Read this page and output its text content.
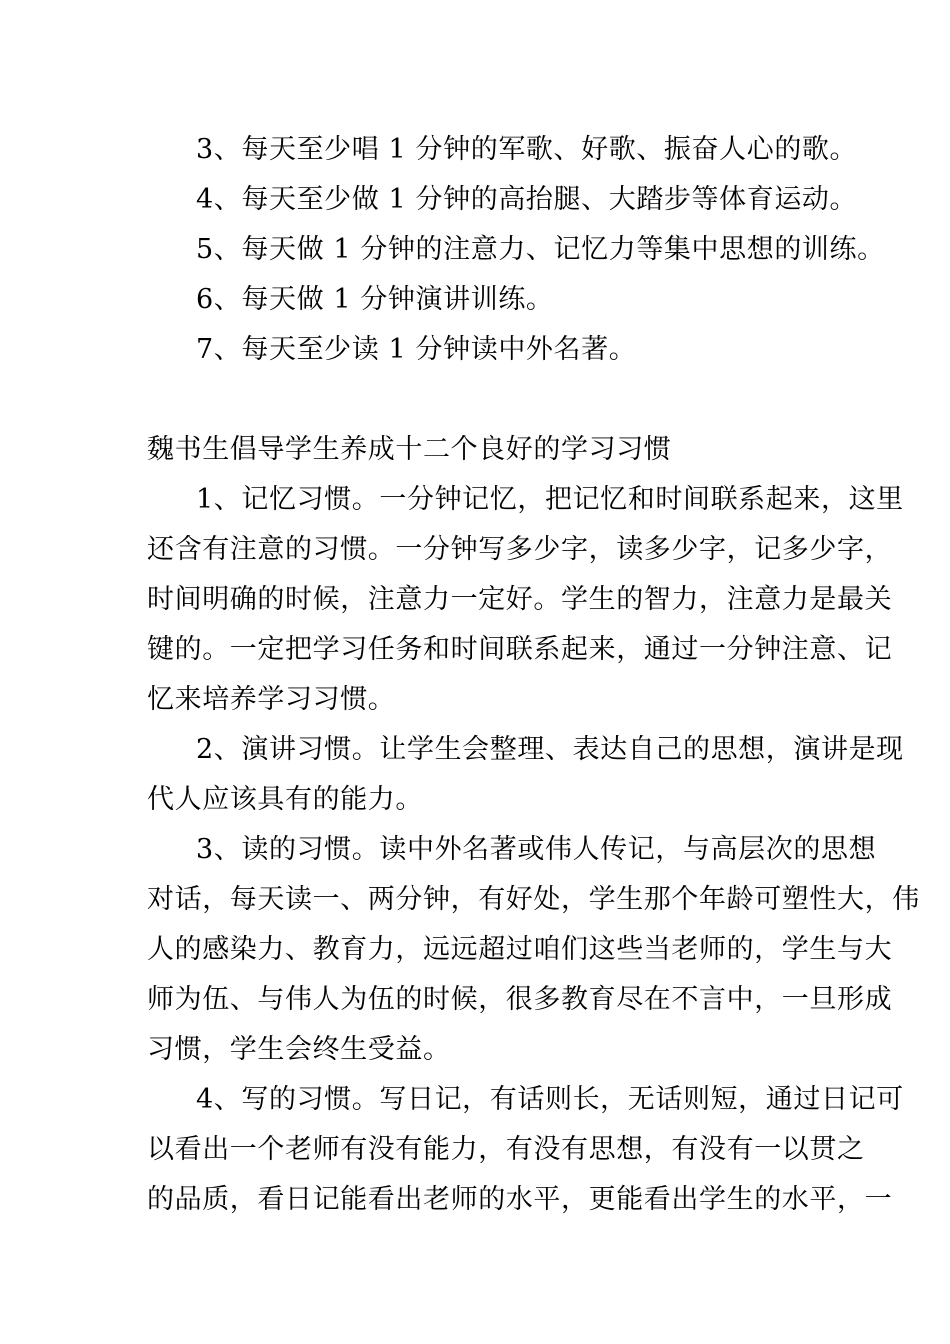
3、每天至少唱 1 分钟的军歌、好歌、振奋人心的歌。
4、每天至少做 1 分钟的高抬腿、大踏步等体育运动。
5、每天做 1 分钟的注意力、记忆力等集中思想的训练。
6、每天做 1 分钟演讲训练。
7、每天至少读 1 分钟读中外名著。
魏书生倡导学生养成十二个良好的学习习惯
1、记忆习惯。一分钟记忆，把记忆和时间联系起来，这里
还含有注意的习惯。一分钟写多少字，读多少字，记多少字，
时间明确的时候，注意力一定好。学生的智力，注意力是最关
键的。一定把学习任务和时间联系起来，通过一分钟注意、记
忆来培养学习习惯。
2、演讲习惯。让学生会整理、表达自己的思想，演讲是现
代人应该具有的能力。
3、读的习惯。读中外名著或伟人传记，与高层次的思想
对话，每天读一、两分钟，有好处，学生那个年龄可塑性大，伟
人的感染力、教育力，远远超过咱们这些当老师的，学生与大
师为伍、与伟人为伍的时候，很多教育尽在不言中，一旦形成
习惯，学生会终生受益。
4、写的习惯。写日记，有话则长，无话则短，通过日记可
以看出一个老师有没有能力，有没有思想，有没有一以贯之
的品质，看日记能看出老师的水平，更能看出学生的水平，一
